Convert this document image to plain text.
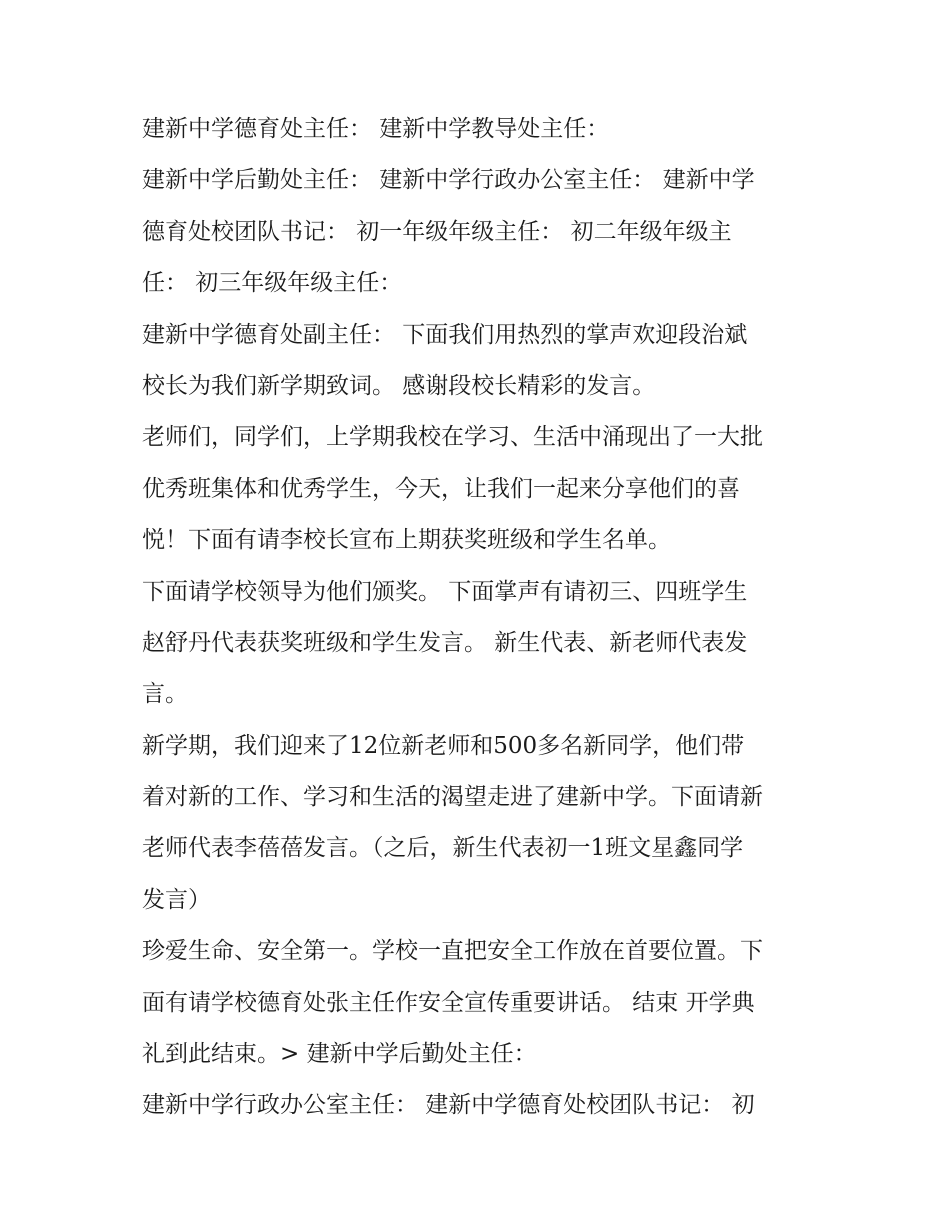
建新中学德育处主任： 建新中学教导处主任：
建新中学后勤处主任： 建新中学行政办公室主任： 建新中学
德育处校团队书记： 初一年级年级主任： 初二年级年级主
任： 初三年级年级主任：
建新中学德育处副主任： 下面我们用热烈的掌声欢迎段治斌
校长为我们新学期致词。 感谢段校长精彩的发言。
老师们，同学们，上学期我校在学习、生活中涌现出了一大批
优秀班集体和优秀学生，今天，让我们一起来分享他们的喜
悦！下面有请李校长宣布上期获奖班级和学生名单。
下面请学校领导为他们颁奖。 下面掌声有请初三、四班学生
赵舒丹代表获奖班级和学生发言。 新生代表、新老师代表发
言。
新学期，我们迎来了12位新老师和500多名新同学，他们带
着对新的工作、学习和生活的渴望走进了建新中学。下面请新
老师代表李蓓蓓发言。（之后，新生代表初一1班文星鑫同学
发言）
珍爱生命、安全第一。学校一直把安全工作放在首要位置。下
面有请学校德育处张主任作安全宣传重要讲话。 结束 开学典
礼到此结束。> 建新中学后勤处主任：
建新中学行政办公室主任： 建新中学德育处校团队书记： 初
